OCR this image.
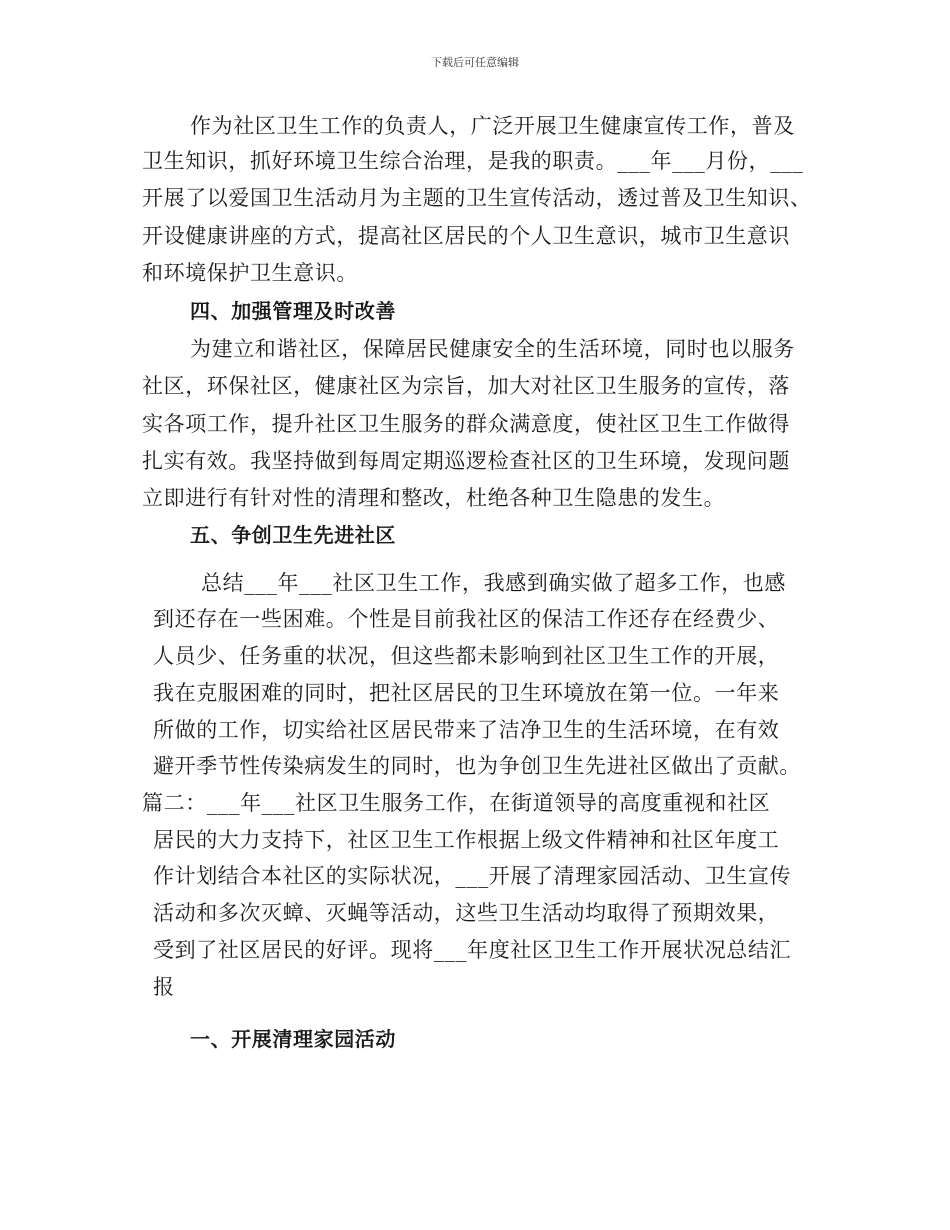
下载后可任意编辑
作为社区卫生工作的负责人，广泛开展卫生健康宣传工作，普及
卫生知识，抓好环境卫生综合治理，是我的职责。___年___月份，___
开展了以爱国卫生活动月为主题的卫生宣传活动，透过普及卫生知识、
开设健康讲座的方式，提高社区居民的个人卫生意识，城市卫生意识
和环境保护卫生意识。
四、加强管理及时改善
为建立和谐社区，保障居民健康安全的生活环境，同时也以服务
社区，环保社区，健康社区为宗旨，加大对社区卫生服务的宣传，落
实各项工作，提升社区卫生服务的群众满意度，使社区卫生工作做得
扎实有效。我坚持做到每周定期巡逻检查社区的卫生环境，发现问题
立即进行有针对性的清理和整改，杜绝各种卫生隐患的发生。
五、争创卫生先进社区
总结___年___社区卫生工作，我感到确实做了超多工作，也感
到还存在一些困难。个性是目前我社区的保洁工作还存在经费少、
人员少、任务重的状况，但这些都未影响到社区卫生工作的开展，
我在克服困难的同时，把社区居民的卫生环境放在第一位。一年来
所做的工作，切实给社区居民带来了洁净卫生的生活环境，在有效
避开季节性传染病发生的同时，也为争创卫生先进社区做出了贡献。
篇二：___年___社区卫生服务工作，在街道领导的高度重视和社区
居民的大力支持下，社区卫生工作根据上级文件精神和社区年度工
作计划结合本社区的实际状况，___开展了清理家园活动、卫生宣传
活动和多次灭蟑、灭蝇等活动，这些卫生活动均取得了预期效果，
受到了社区居民的好评。现将___年度社区卫生工作开展状况总结汇
报
一、开展清理家园活动
